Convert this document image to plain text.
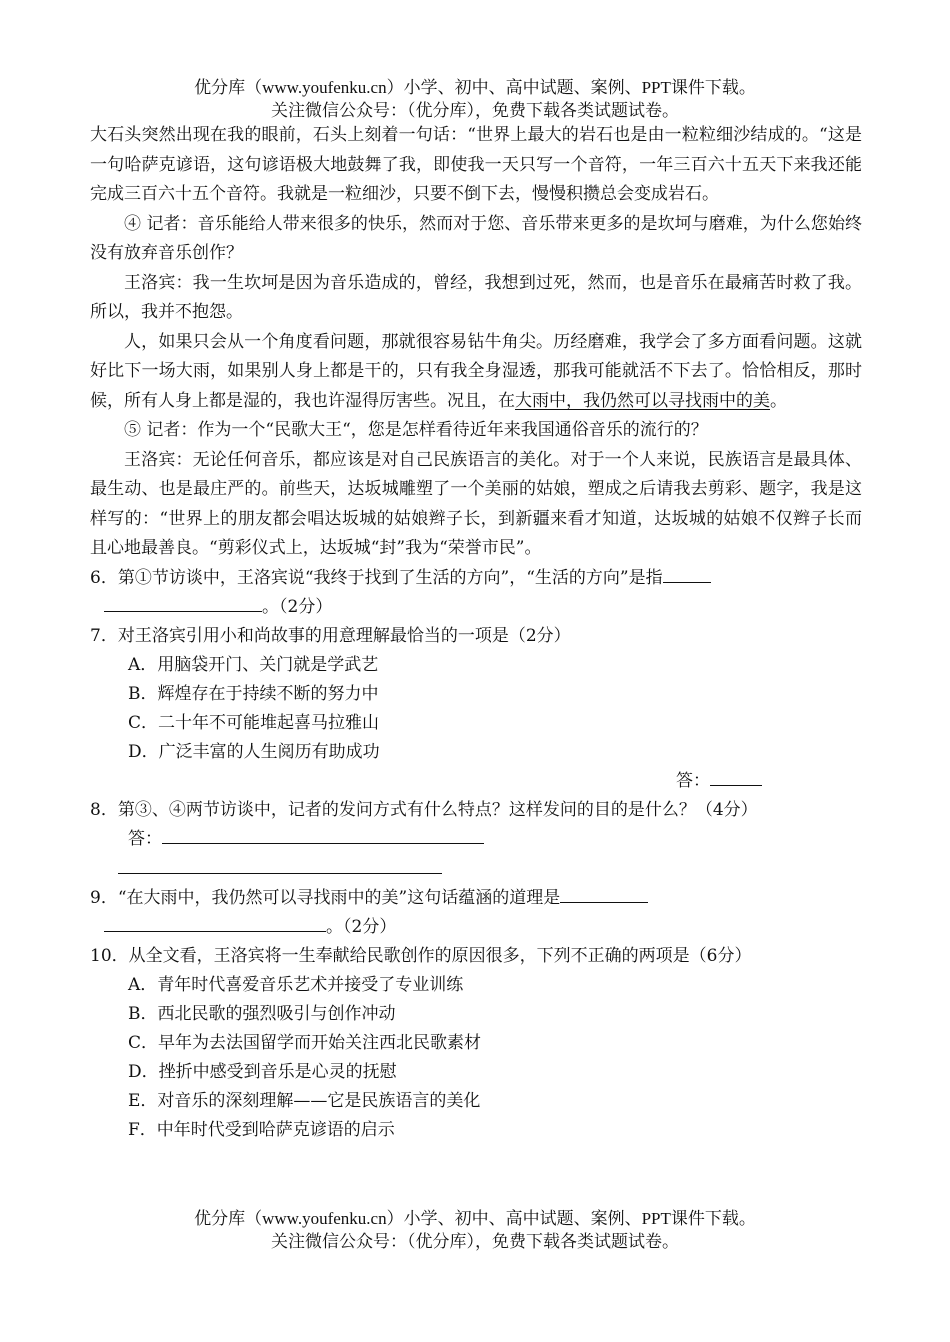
优分库（www.youfenku.cn）小学、初中、高中试题、案例、PPT课件下载。
关注微信公众号：（优分库），免费下载各类试题试卷。

大石头突然出现在我的眼前，石头上刻着一句话：“世界上最大的岩石也是由一粒粒细沙结成的。“这是一句哈萨克谚语，这句谚语极大地鼓舞了我，即使我一天只写一个音符，一年三百六十五天下来我还能完成三百六十五个音符。我就是一粒细沙，只要不倒下去，慢慢积攒总会变成岩石。

④ 记者：音乐能给人带来很多的快乐，然而对于您、音乐带来更多的是坎坷与磨难，为什么您始终没有放弃音乐创作？

王洛宾：我一生坎坷是因为音乐造成的，曾经，我想到过死，然而，也是音乐在最痛苦时救了我。所以，我并不抱怨。

人，如果只会从一个角度看问题，那就很容易钻牛角尖。历经磨难，我学会了多方面看问题。这就好比下一场大雨，如果别人身上都是干的，只有我全身湿透，那我可能就活不下去了。恰恰相反，那时候，所有人身上都是湿的，我也许湿得厉害些。况且，在大雨中，我仍然可以寻找雨中的美。

⑤ 记者：作为一个“民歌大王“，您是怎样看待近年来我国通俗音乐的流行的？

王洛宾：无论任何音乐，都应该是对自己民族语言的美化。对于一个人来说，民族语言是最具体、最生动、也是最庄严的。前些天，达坂城雕塑了一个美丽的姑娘，塑成之后请我去剪彩、题字，我是这样写的：“世界上的朋友都会唱达坂城的姑娘辫子长，到新疆来看才知道，达坂城的姑娘不仅辫子长而且心地最善良。“剪彩仪式上，达坂城“封”我为“荣誉市民”。

6．第①节访谈中，王洛宾说“我终于找到了生活的方向”，“生活的方向”是指
。（2分）
7．对王洛宾引用小和尚故事的用意理解最恰当的一项是（2分）
A．用脑袋开门、关门就是学武艺
B．辉煌存在于持续不断的努力中
C．二十年不可能堆起喜马拉雅山
D．广泛丰富的人生阅历有助成功
答：
8．第③、④两节访谈中，记者的发问方式有什么特点？这样发问的目的是什么？（4分）
答：
9．“在大雨中，我仍然可以寻找雨中的美”这句话蕴涵的道理是
。（2分）
10．从全文看，王洛宾将一生奉献给民歌创作的原因很多，下列不正确的两项是（6分）
A．青年时代喜爱音乐艺术并接受了专业训练
B．西北民歌的强烈吸引与创作冲动
C．早年为去法国留学而开始关注西北民歌素材
D．挫折中感受到音乐是心灵的抚慰
E．对音乐的深刻理解——它是民族语言的美化
F．中年时代受到哈萨克谚语的启示
优分库（www.youfenku.cn）小学、初中、高中试题、案例、PPT课件下载。
关注微信公众号：（优分库），免费下载各类试题试卷。
